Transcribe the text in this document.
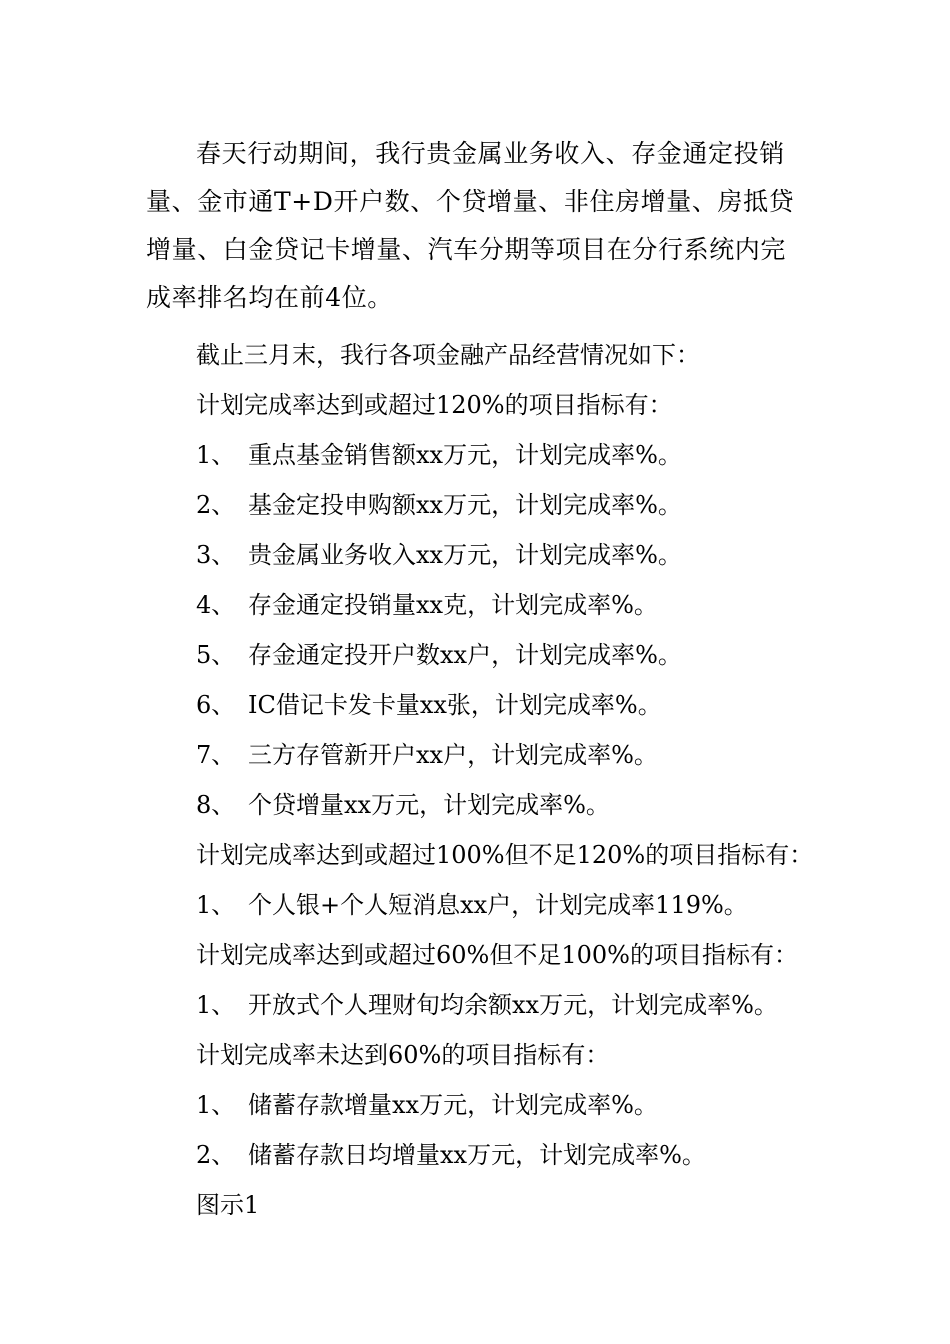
春天行动期间，我行贵金属业务收入、存金通定投销量、金市通T+D开户数、个贷增量、非住房增量、房抵贷增量、白金贷记卡增量、汽车分期等项目在分行系统内完成率排名均在前4位。

截止三月末，我行各项金融产品经营情况如下：
计划完成率达到或超过120%的项目指标有：
1、 重点基金销售额xx万元，计划完成率%。
2、 基金定投申购额xx万元，计划完成率%。
3、 贵金属业务收入xx万元，计划完成率%。
4、 存金通定投销量xx克，计划完成率%。
5、 存金通定投开户数xx户，计划完成率%。
6、 IC借记卡发卡量xx张，计划完成率%。
7、 三方存管新开户xx户，计划完成率%。
8、 个贷增量xx万元，计划完成率%。
计划完成率达到或超过100%但不足120%的项目指标有：
1、 个人银+个人短消息xx户，计划完成率119%。
计划完成率达到或超过60%但不足100%的项目指标有：
1、 开放式个人理财旬均余额xx万元，计划完成率%。
计划完成率未达到60%的项目指标有：
1、 储蓄存款增量xx万元，计划完成率%。
2、 储蓄存款日均增量xx万元，计划完成率%。
图示1
